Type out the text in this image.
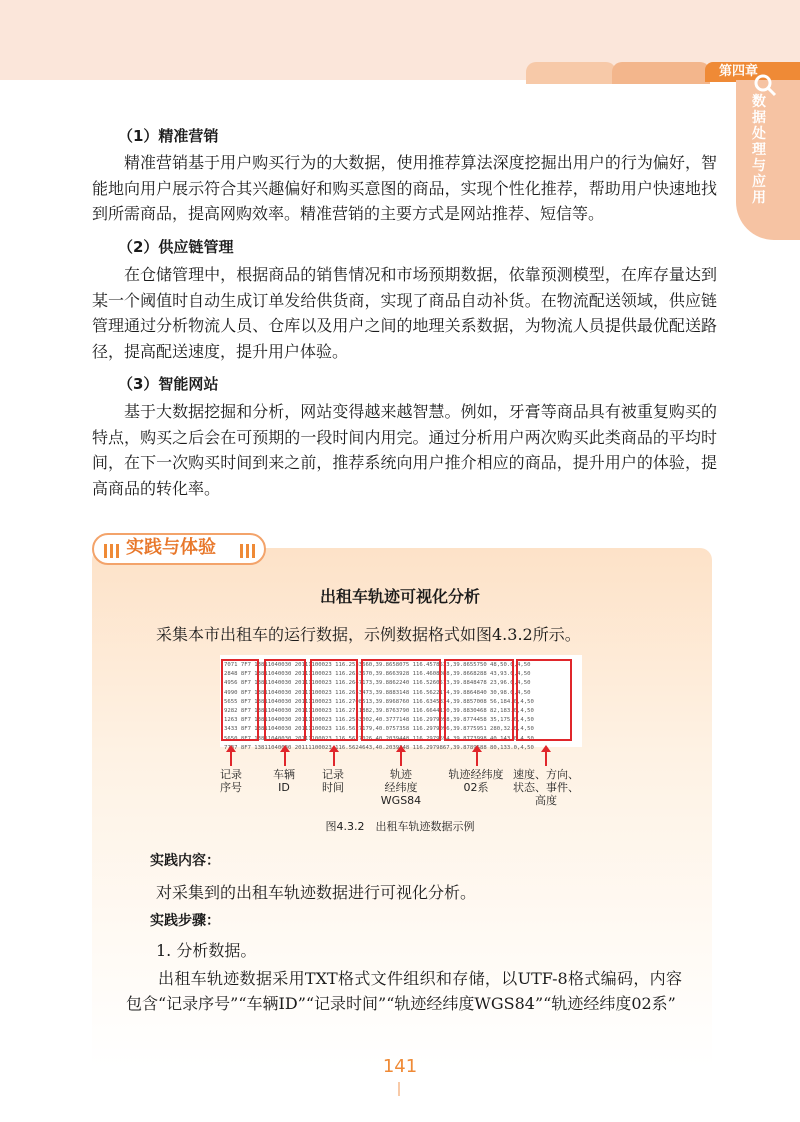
第四章
数据处理与应用
（1）精准营销

精准营销基于用户购买行为的大数据，使用推荐算法深度挖掘出用户的行为偏好，智能地向用户展示符合其兴趣偏好和购买意图的商品，实现个性化推荐，帮助用户快速地找到所需商品，提高网购效率。精准营销的主要方式是网站推荐、短信等。

（2）供应链管理

在仓储管理中，根据商品的销售情况和市场预期数据，依靠预测模型，在库存量达到某一个阈值时自动生成订单发给供货商，实现了商品自动补货。在物流配送领域，供应链管理通过分析物流人员、仓库以及用户之间的地理关系数据，为物流人员提供最优配送路径，提高配送速度，提升用户体验。

（3）智能网站

基于大数据挖掘和分析，网站变得越来越智慧。例如，牙膏等商品具有被重复购买的特点，购买之后会在可预期的一段时间内用完。通过分析用户两次购买此类商品的平均时间，在下一次购买时间到来之前，推荐系统向用户推介相应的商品，提升用户的体验，提高商品的转化率。

实践与体验
出租车轨迹可视化分析
采集本市出租车的运行数据，示例数据格式如图4.3.2所示。
7071 7F7 13811040030 20111100023 116.2533660,39.8658075 116.4578533,39.8655750 48,50.0,4,50
2848 8F7 13811040030 20111100023 116.2633670,39.8663928 116.4608088,39.8668288 43,93.0,4,50
4956 8F7 13811040030 20111100023 116.2647173,39.8862240 116.5260513,39.8848478 23,96.0,4,50
4990 8F7 13811040030 20111100023 116.2653473,39.8883148 116.5622174,39.8864840 30,98.0,4,50
5655 8F7 13811040030 20111100023 116.2708513,39.8968760 116.6345834,39.8857008 56,184.0,4,50
9282 8F7 13811040030 20111100023 116.2711882,39.8763790 116.6644130,39.8830468 82,183.0,4,50
1263 8F7 13811040030 20111100023 116.2583002,40.3777148 116.2979058,39.8774458 35,175.0,4,50
3433 8F7 13811040030 20111100023 116.5627179,40.0757358 116.2979096,39.8775951 280,32.0,4,50
5650 8F7 13811040030 20111100023 116.5627026,40.2039448 116.2979694,39.8773998 40,143.0,4,50
7737 8F7 13811040030 20111100023 116.5624643,40.2039248 116.2979867,39.8789588 80,133.0,4,50
记录
序号
车辆
ID
记录
时间
轨迹
经纬度
WGS84
轨迹经纬度
02系
速度、方向、
状态、事件、
高度
图4.3.2　出租车轨迹数据示例
实践内容：
对采集到的出租车轨迹数据进行可视化分析。
实践步骤：
1. 分析数据。
出租车轨迹数据采用TXT格式文件组织和存储，以UTF-8格式编码，内容包含“记录序号”“车辆ID”“记录时间”“轨迹经纬度WGS84”“轨迹经纬度02系”
141
